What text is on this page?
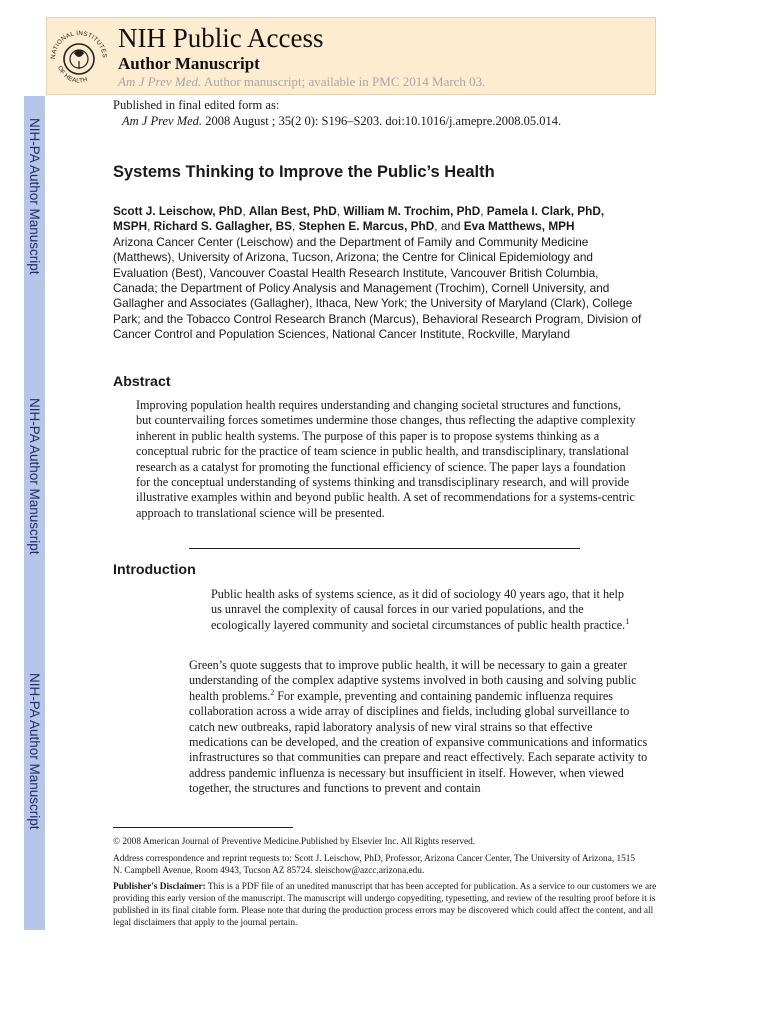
NIH-PA Author Manuscript
NIH-PA Author Manuscript
NIH-PA Author Manuscript
NATIONAL INSTITUTES
OF HEALTH
NIH Public Access
Author Manuscript
Am J Prev Med. Author manuscript; available in PMC 2014 March 03.
Published in final edited form as:
Am J Prev Med. 2008 August ; 35(2 0): S196–S203. doi:10.1016/j.amepre.2008.05.014.
Systems Thinking to Improve the Public’s Health
Scott J. Leischow, PhD, Allan Best, PhD, William M. Trochim, PhD, Pamela I. Clark, PhD, MSPH, Richard S. Gallagher, BS, Stephen E. Marcus, PhD, and Eva Matthews, MPH
Arizona Cancer Center (Leischow) and the Department of Family and Community Medicine (Matthews), University of Arizona, Tucson, Arizona; the Centre for Clinical Epidemiology and Evaluation (Best), Vancouver Coastal Health Research Institute, Vancouver British Columbia, Canada; the Department of Policy Analysis and Management (Trochim), Cornell University, and Gallagher and Associates (Gallagher), Ithaca, New York; the University of Maryland (Clark), College Park; and the Tobacco Control Research Branch (Marcus), Behavioral Research Program, Division of Cancer Control and Population Sciences, National Cancer Institute, Rockville, Maryland
Abstract
Improving population health requires understanding and changing societal structures and functions, but countervailing forces sometimes undermine those changes, thus reflecting the adaptive complexity inherent in public health systems. The purpose of this paper is to propose systems thinking as a conceptual rubric for the practice of team science in public health, and transdisciplinary, translational research as a catalyst for promoting the functional efficiency of science. The paper lays a foundation for the conceptual understanding of systems thinking and transdisciplinary research, and will provide illustrative examples within and beyond public health. A set of recommendations for a systems-centric approach to translational science will be presented.
Introduction
Public health asks of systems science, as it did of sociology 40 years ago, that it help us unravel the complexity of causal forces in our varied populations, and the ecologically layered community and societal circumstances of public health practice.$^1$
Green’s quote suggests that to improve public health, it will be necessary to gain a greater understanding of the complex adaptive systems involved in both causing and solving public health problems.$^2$ For example, preventing and containing pandemic influenza requires collaboration across a wide array of disciplines and fields, including global surveillance to catch new outbreaks, rapid laboratory analysis of new viral strains so that effective medications can be developed, and the creation of expansive communications and informatics infrastructures so that communities can prepare and react effectively. Each separate activity to address pandemic influenza is necessary but insufficient in itself. However, when viewed together, the structures and functions to prevent and contain
© 2008 American Journal of Preventive Medicine.Published by Elsevier Inc. All Rights reserved.
Address correspondence and reprint requests to: Scott J. Leischow, PhD, Professor, Arizona Cancer Center, The University of Arizona, 1515 N. Campbell Avenue, Room 4943, Tucson AZ 85724. sleischow@azcc.arizona.edu.
Publisher's Disclaimer: This is a PDF file of an unedited manuscript that has been accepted for publication. As a service to our customers we are providing this early version of the manuscript. The manuscript will undergo copyediting, typesetting, and review of the resulting proof before it is published in its final citable form. Please note that during the production process errors may be discovered which could affect the content, and all legal disclaimers that apply to the journal pertain.
